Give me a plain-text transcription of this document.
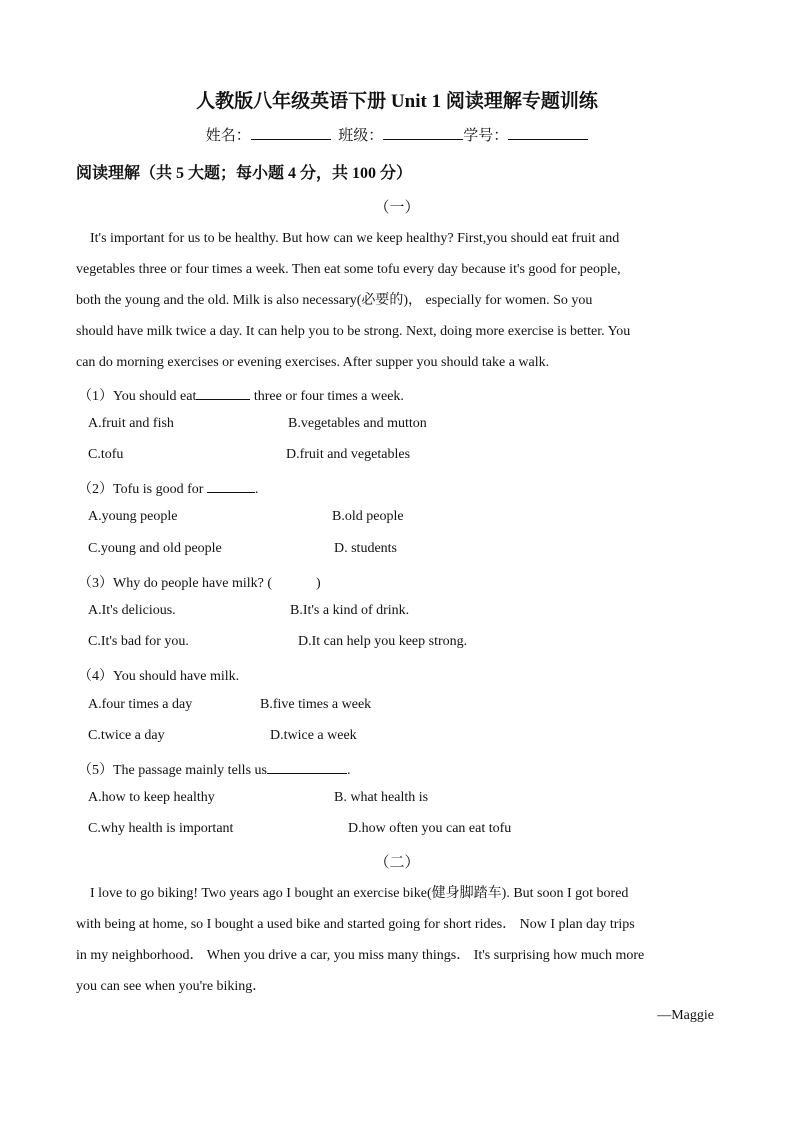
人教版八年级英语下册 Unit 1 阅读理解专题训练
姓名：	班级：	学号：
阅读理解（共 5 大题；每小题 4 分，共 100 分）
（一）
It's important for us to be healthy. But how can we keep healthy? First,you should eat fruit and
vegetables three or four times a week. Then eat some tofu every day because it's good for people,
both the young and the old. Milk is also necessary(必要的)， especially for women. So you
should have milk twice a day. It can help you to be strong. Next, doing more exercise is better. You
can do morning exercises or evening exercises. After supper you should take a walk.
（1）You should eat	three or four times a week.
A.fruit and fish	B.vegetables and mutton
C.tofu	D.fruit and vegetables
（2）Tofu is good for	.
A.young people	B.old people
C.young and old people	D. students
（3）Why do people have milk? (	)
A.It's delicious.	B.It's a kind of drink.
C.It's bad for you.	D.It can help you keep strong.
（4）You should have milk.
A.four times a day	B.five times a week
C.twice a day	D.twice a week
（5）The passage mainly tells us	.
A.how to keep healthy	B. what health is
C.why health is important	D.how often you can eat tofu
（二）
I love to go biking! Two years ago I bought an exercise bike(健身脚踏车). But soon I got bored
with being at home, so I bought a used bike and started going for short rides． Now I plan day trips
in my neighborhood． When you drive a car, you miss many things． It's surprising how much more
you can see when you're biking．
—Maggie
